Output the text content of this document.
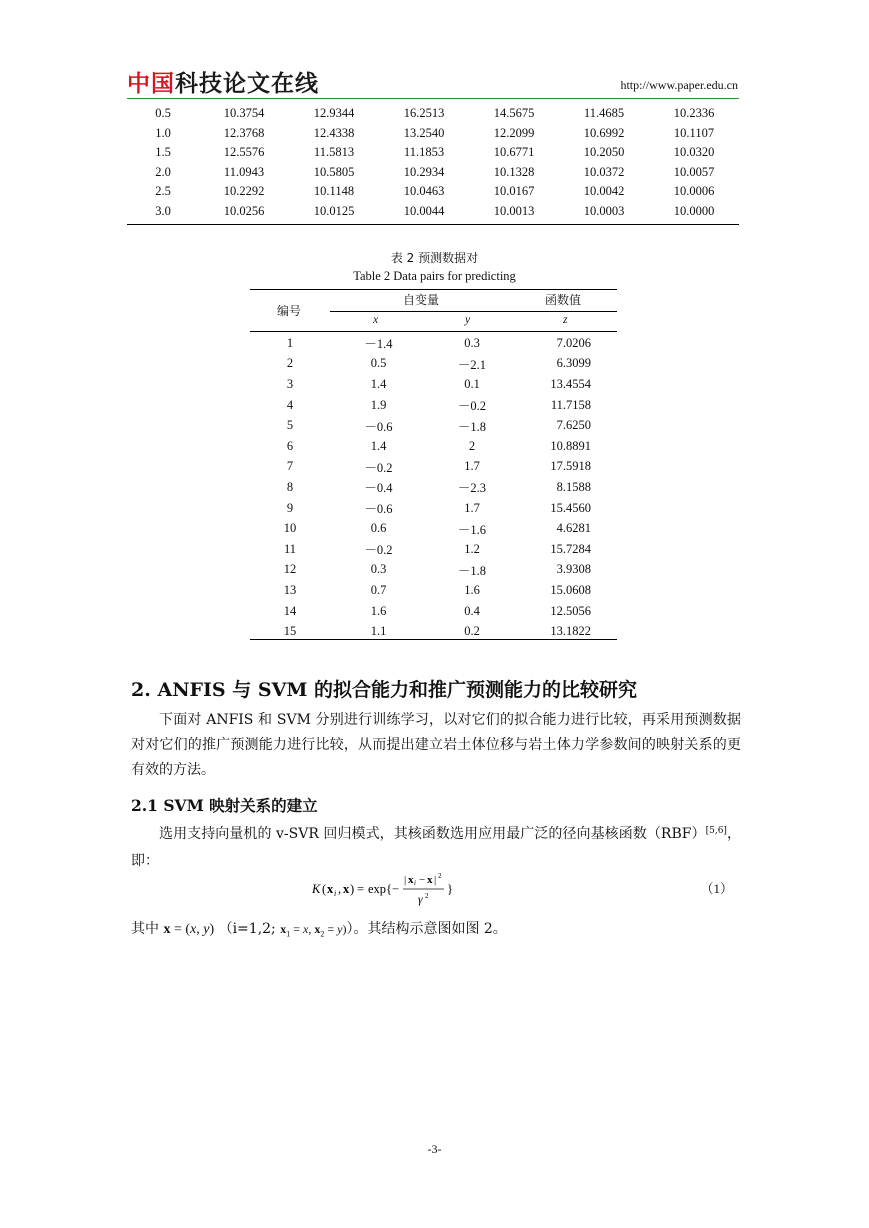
中国科技论文在线	http://www.paper.edu.cn
0.5	10.3754	12.9344	16.2513	14.5675	11.4685	10.2336
1.0	12.3768	12.4338	13.2540	12.2099	10.6992	10.1107
1.5	12.5576	11.5813	11.1853	10.6771	10.2050	10.0320
2.0	11.0943	10.5805	10.2934	10.1328	10.0372	10.0057
2.5	10.2292	10.1148	10.0463	10.0167	10.0042	10.0006
3.0	10.0256	10.0125	10.0044	10.0013	10.0003	10.0000
表 2 预测数据对
Table 2 Data pairs for predicting
编号
自变量	函数值
x	y	z
1	－1.4	0.3	7.0206
2	0.5	－2.1	6.3099
3	1.4	0.1	13.4554
4	1.9	－0.2	11.7158
5	－0.6	－1.8	7.6250
6	1.4	2	10.8891
7	－0.2	1.7	17.5918
8	－0.4	－2.3	8.1588
9	－0.6	1.7	15.4560
10	0.6	－1.6	4.6281
11	－0.2	1.2	15.7284
12	0.3	－1.8	3.9308
13	0.7	1.6	15.0608
14	1.6	0.4	12.5056
15	1.1	0.2	13.1822
2. ANFIS 与 SVM 的拟合能力和推广预测能力的比较研究
下面对 ANFIS 和 SVM 分别进行训练学习，以对它们的拟合能力进行比较，再采用预测数据对对它们的推广预测能力进行比较，从而提出建立岩土体位移与岩土体力学参数间的映射关系的更有效的方法。
2.1 SVM 映射关系的建立
选用支持向量机的 v-SVR 回归模式，其核函数选用应用最广泛的径向基核函数（RBF）[5,6]，即：
K ( x i , x ) = exp{−
| x i − x | 2
γ 2 }	（1）
其中 x = (x, y) （i=1,2; $x_1 = x$, $x_2 = y$)）。其结构示意图如图 2。
-3-
